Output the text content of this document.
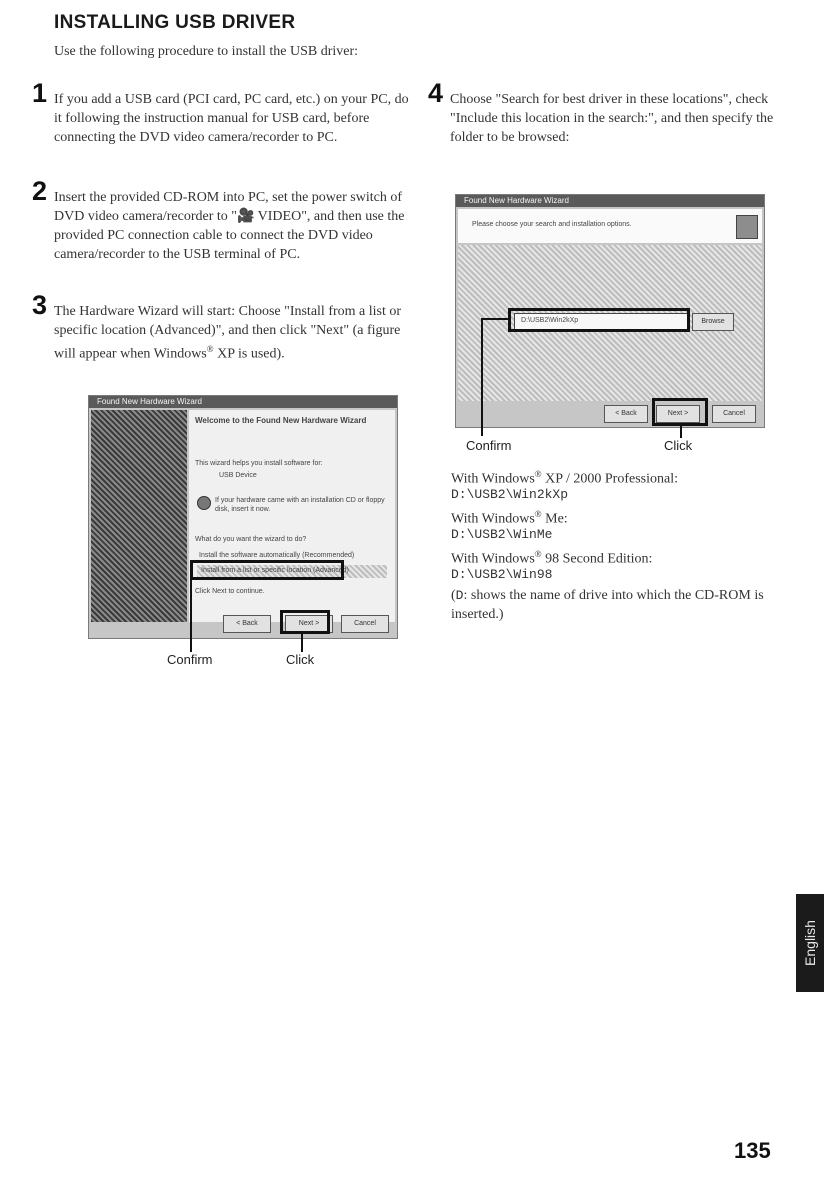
INSTALLING USB DRIVER

Use the following procedure to install the USB driver:

1 If you add a USB card (PCI card, PC card, etc.) on your PC, do it following the instruction manual for USB card, before connecting the DVD video camera/recorder to PC.
2 Insert the provided CD-ROM into PC, set the power switch of DVD video camera/recorder to "🎥 VIDEO", and then use the provided PC connection cable to connect the DVD video camera/recorder to the USB terminal of PC.
3 The Hardware Wizard will start: Choose "Install from a list or specific location (Advanced)", and then click "Next" (a figure will appear when Windows® XP is used).
4 Choose "Search for best driver in these locations", check "Include this location in the search:", and then specify the folder to be browsed:
Found New Hardware Wizard
Welcome to the Found New Hardware Wizard
This wizard helps you install software for:
USB Device
If your hardware came with an installation CD or floppy disk, insert it now.
What do you want the wizard to do?
Install the software automatically (Recommended)
Install from a list or specific location (Advanced)
Click Next to continue.
< Back	Next >	Cancel
Confirm	Click
Found New Hardware Wizard
Please choose your search and installation options.
D:\USB2\Win2kXp	Browse
< Back	Next >	Cancel
Confirm	Click
With Windows® XP / 2000 Professional:
D:\USB2\Win2kXp
With Windows® Me:
D:\USB2\WinMe
With Windows® 98 Second Edition:
D:\USB2\Win98
(D: shows the name of drive into which the CD-ROM is inserted.)
English
135
